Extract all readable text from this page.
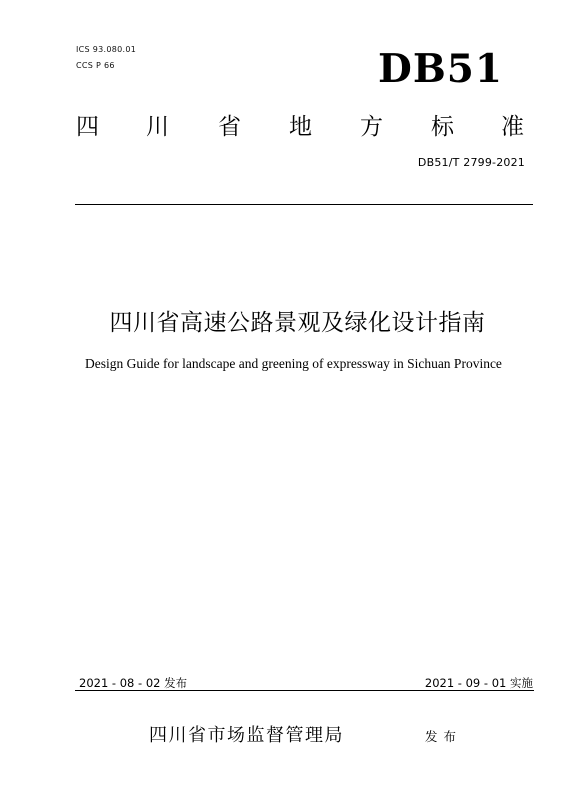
ICS 93.080.01
CCS P 66	DB51
四 川 省 地 方 标 准
DB51/T 2799-2021
四川省高速公路景观及绿化设计指南
Design Guide for landscape and greening of expressway in Sichuan Province
2021 - 08 - 02 发布	2021 - 09 - 01 实施
四川省市场监督管理局	发布
